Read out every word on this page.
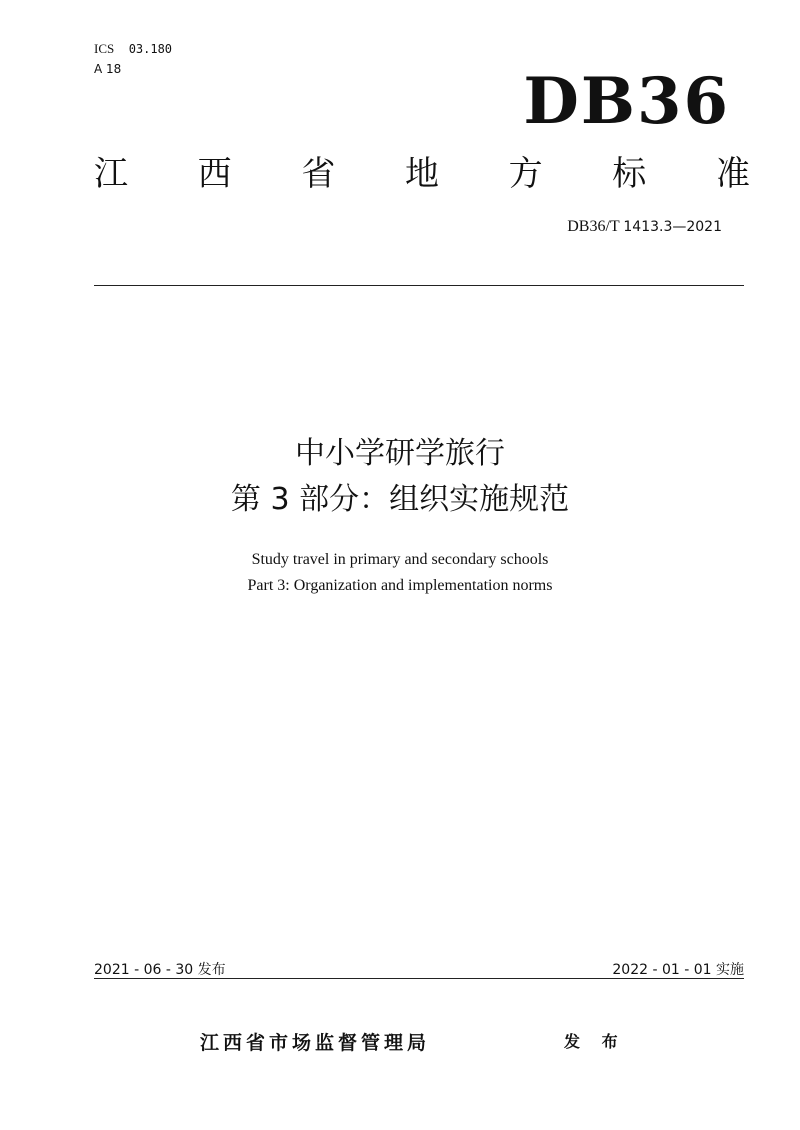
ICS 03.180
A 18	DB36
江 西 省 地 方 标 准
DB36/T 1413.3—2021
中小学研学旅行
第 3 部分：组织实施规范
Study travel in primary and secondary schools
Part 3: Organization and implementation norms
2021 - 06 - 30 发布	2022 - 01 - 01 实施
江西省市场监督管理局	发 布
